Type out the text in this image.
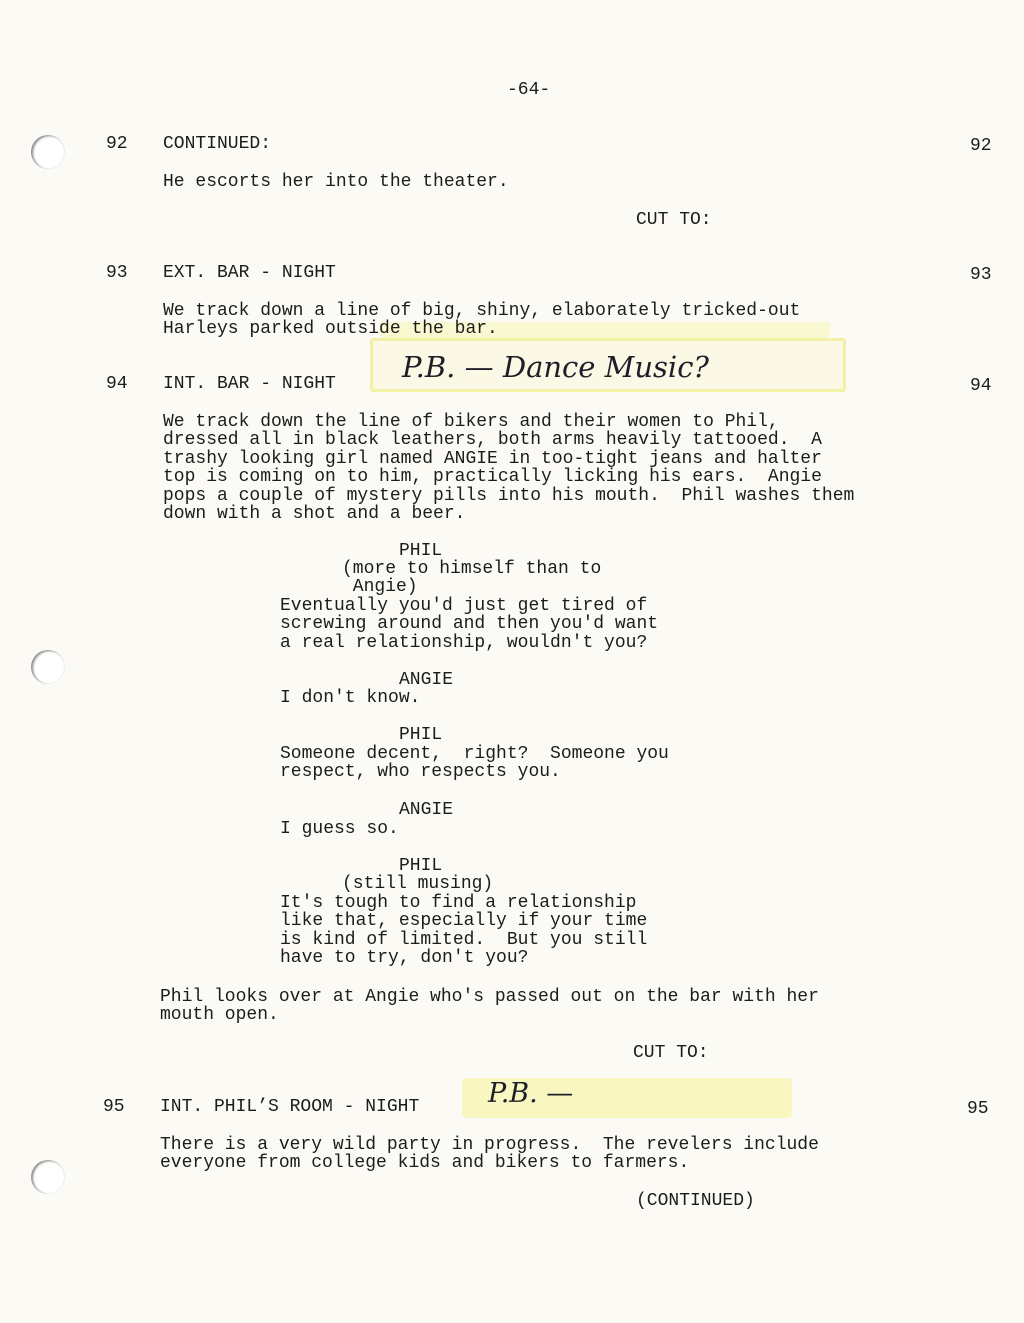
-64-
92 CONTINUED:	92
He escorts her into the theater.
CUT TO:
93 EXT. BAR - NIGHT	93
We track down a line of big, shiny, elaborately tricked-out
Harleys parked outside the bar.
94 INT. BAR - NIGHT	94
P.B. — Dance Music?
We track down the line of bikers and their women to Phil,
dressed all in black leathers, both arms heavily tattooed.  A
trashy looking girl named ANGIE in too-tight jeans and halter
top is coming on to him, practically licking his ears.  Angie
pops a couple of mystery pills into his mouth.  Phil washes them
down with a shot and a beer.
PHIL
(more to himself than to
Angie)
Eventually you'd just get tired of
screwing around and then you'd want
a real relationship, wouldn't you?
ANGIE
I don't know.
PHIL
Someone decent,  right?  Someone you
respect, who respects you.
ANGIE
I guess so.
PHIL
(still musing)
It's tough to find a relationship
like that, especially if your time
is kind of limited.  But you still
have to try, don't you?
Phil looks over at Angie who's passed out on the bar with her
mouth open.
CUT TO:
95 INT. PHIL’S ROOM - NIGHT	95
P.B. —
There is a very wild party in progress.  The revelers include
everyone from college kids and bikers to farmers.
(CONTINUED)
